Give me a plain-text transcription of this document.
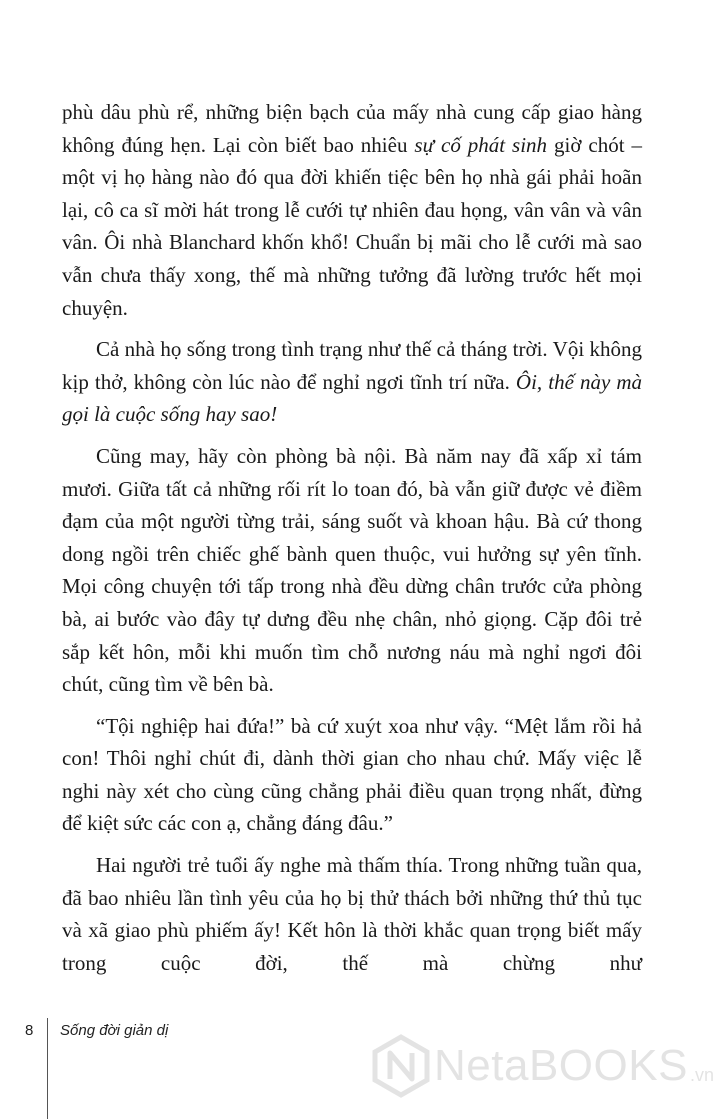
phù dâu phù rể, những biện bạch của mấy nhà cung cấp giao hàng không đúng hẹn. Lại còn biết bao nhiêu sự cố phát sinh giờ chót – một vị họ hàng nào đó qua đời khiến tiệc bên họ nhà gái phải hoãn lại, cô ca sĩ mời hát trong lễ cưới tự nhiên đau họng, vân vân và vân vân. Ôi nhà Blanchard khốn khổ! Chuẩn bị mãi cho lễ cưới mà sao vẫn chưa thấy xong, thế mà những tưởng đã lường trước hết mọi chuyện.

Cả nhà họ sống trong tình trạng như thế cả tháng trời. Vội không kịp thở, không còn lúc nào để nghỉ ngơi tĩnh trí nữa. Ôi, thế này mà gọi là cuộc sống hay sao!

Cũng may, hãy còn phòng bà nội. Bà năm nay đã xấp xỉ tám mươi. Giữa tất cả những rối rít lo toan đó, bà vẫn giữ được vẻ điềm đạm của một người từng trải, sáng suốt và khoan hậu. Bà cứ thong dong ngồi trên chiếc ghế bành quen thuộc, vui hưởng sự yên tĩnh. Mọi công chuyện tới tấp trong nhà đều dừng chân trước cửa phòng bà, ai bước vào đây tự dưng đều nhẹ chân, nhỏ giọng. Cặp đôi trẻ sắp kết hôn, mỗi khi muốn tìm chỗ nương náu mà nghỉ ngơi đôi chút, cũng tìm về bên bà.

“Tội nghiệp hai đứa!” bà cứ xuýt xoa như vậy. “Mệt lắm rồi hả con! Thôi nghỉ chút đi, dành thời gian cho nhau chứ. Mấy việc lễ nghi này xét cho cùng cũng chẳng phải điều quan trọng nhất, đừng để kiệt sức các con ạ, chẳng đáng đâu.”

Hai người trẻ tuổi ấy nghe mà thấm thía. Trong những tuần qua, đã bao nhiêu lần tình yêu của họ bị thử thách bởi những thứ thủ tục và xã giao phù phiếm ấy! Kết hôn là thời khắc quan trọng biết mấy trong cuộc đời, thế mà chừng như

8 Sống đời giản dị
NetaBOOKS .vn
